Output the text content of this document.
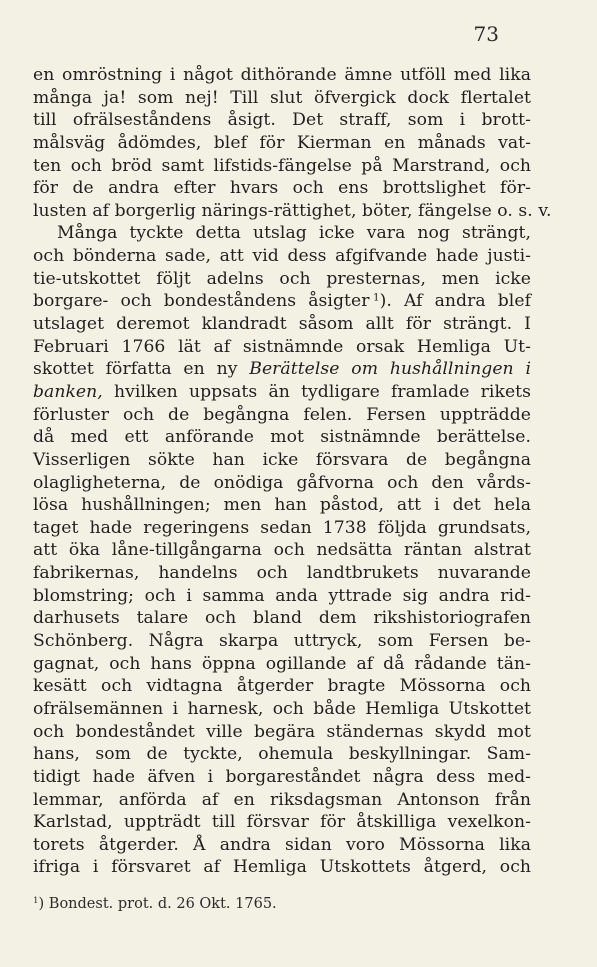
73
en omröstning i något dithörande ämne utföll med lika
många ja! som nej! Till slut öfvergick dock flertalet
till ofrälseståndens åsigt. Det straff, som i brott-
målsväg ådömdes, blef för Kierman en månads vat-
ten och bröd samt lifstids-fängelse på Marstrand, och
för de andra efter hvars och ens brottslighet för-
lusten af borgerlig närings-rättighet, böter, fängelse o. s. v.
Många tyckte detta utslag icke vara nog strängt,
och bönderna sade, att vid dess afgifvande hade justi-
tie-utskottet följt adelns och presternas, men icke
borgare- och bondeståndens åsigter  $^1$). Af andra blef
utslaget deremot klandradt såsom allt för strängt. I
Februari 1766 lät af sistnämnde orsak Hemliga Ut-
skottet författa en ny Berättelse om hushållningen i
banken, hvilken uppsats än tydligare framlade rikets
förluster och de begångna felen. Fersen uppträdde
då med ett anförande mot sistnämnde berättelse.
Visserligen sökte han icke försvara de begångna
olagligheterna, de onödiga gåfvorna och den vårds-
lösa hushållningen; men han påstod, att i det hela
taget hade regeringens sedan 1738 följda grundsats,
att öka låne-tillgångarna och nedsätta räntan alstrat
fabrikernas, handelns och landtbrukets nuvarande
blomstring; och i samma anda yttrade sig andra rid-
darhusets talare och bland dem rikshistoriografen
Schönberg. Några skarpa uttryck, som Fersen be-
gagnat, och hans öppna ogillande af då rådande tän-
kesätt och vidtagna åtgerder bragte Mössorna och
ofrälsemännen i harnesk, och både Hemliga Utskottet
och bondeståndet ville begära ständernas skydd mot
hans, som de tyckte, ohemula beskyllningar. Sam-
tidigt hade äfven i borgareståndet några dess med-
lemmar, anförda af en riksdagsman Antonson från
Karlstad, uppträdt till försvar för åtskilliga vexelkon-
torets åtgerder. Å andra sidan voro Mössorna lika
ifriga i försvaret af Hemliga Utskottets åtgerd, och
$^1$) Bondest. prot. d. 26 Okt. 1765.
